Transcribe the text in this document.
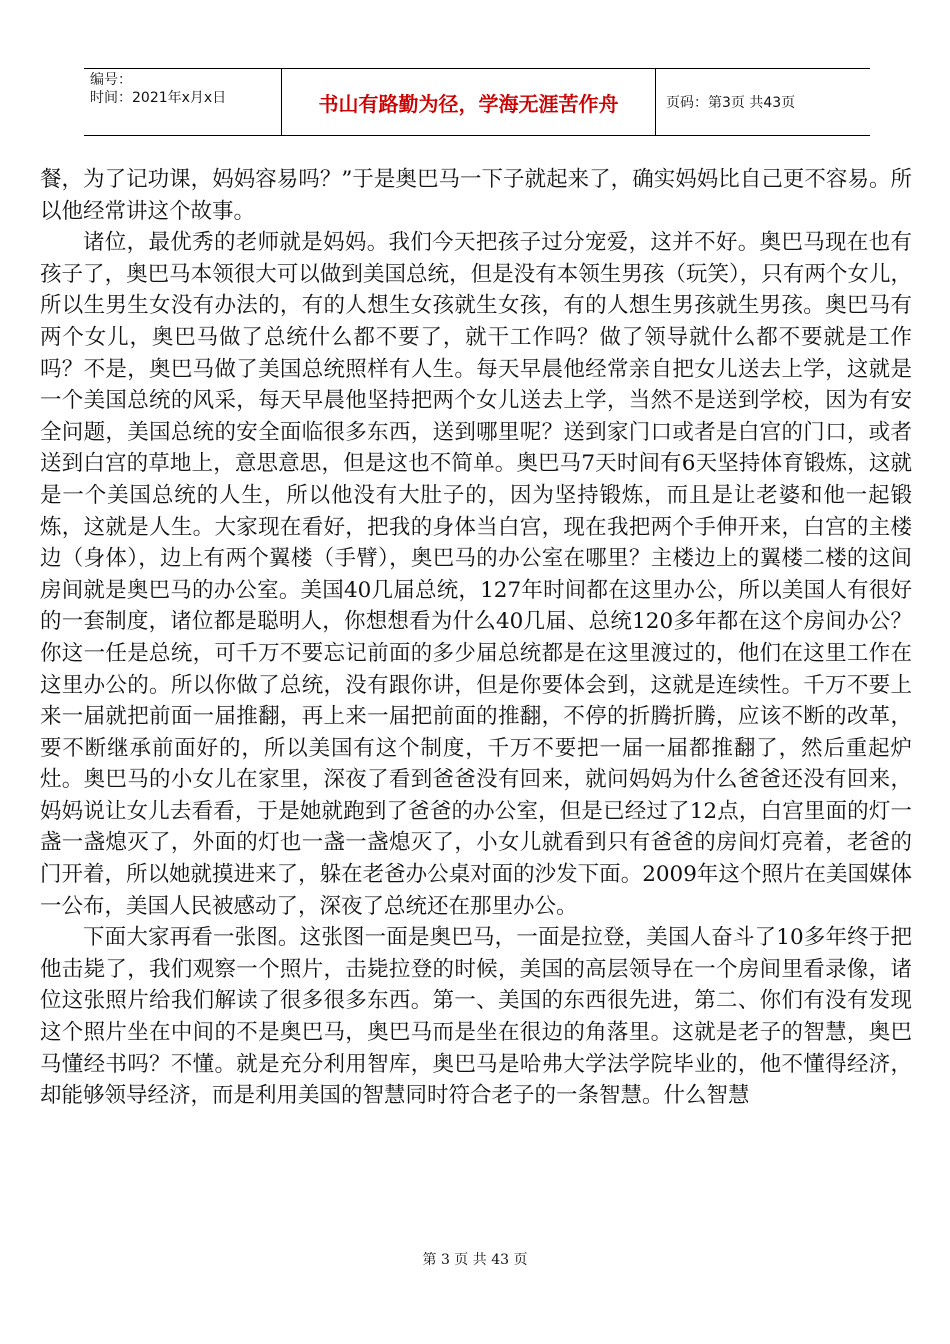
编号：
时间：2021年x月x日	书山有路勤为径，学海无涯苦作舟	页码：第3页 共43页

餐，为了记功课，妈妈容易吗？”于是奥巴马一下子就起来了，确实妈妈比自己更不容易。所以他经常讲这个故事。

诸位，最优秀的老师就是妈妈。我们今天把孩子过分宠爱，这并不好。奥巴马现在也有孩子了，奥巴马本领很大可以做到美国总统，但是没有本领生男孩（玩笑），只有两个女儿，所以生男生女没有办法的，有的人想生女孩就生女孩，有的人想生男孩就生男孩。奥巴马有两个女儿，奥巴马做了总统什么都不要了，就干工作吗？做了领导就什么都不要就是工作吗？不是，奥巴马做了美国总统照样有人生。每天早晨他经常亲自把女儿送去上学，这就是一个美国总统的风采，每天早晨他坚持把两个女儿送去上学，当然不是送到学校，因为有安全问题，美国总统的安全面临很多东西，送到哪里呢？送到家门口或者是白宫的门口，或者送到白宫的草地上，意思意思，但是这也不简单。奥巴马7天时间有6天坚持体育锻炼，这就是一个美国总统的人生，所以他没有大肚子的，因为坚持锻炼，而且是让老婆和他一起锻炼，这就是人生。大家现在看好，把我的身体当白宫，现在我把两个手伸开来，白宫的主楼边（身体），边上有两个翼楼（手臂），奥巴马的办公室在哪里？主楼边上的翼楼二楼的这间房间就是奥巴马的办公室。美国40几届总统，127年时间都在这里办公，所以美国人有很好的一套制度，诸位都是聪明人，你想想看为什么40几届、总统120多年都在这个房间办公？你这一任是总统，可千万不要忘记前面的多少届总统都是在这里渡过的，他们在这里工作在这里办公的。所以你做了总统，没有跟你讲，但是你要体会到，这就是连续性。千万不要上来一届就把前面一届推翻，再上来一届把前面的推翻，不停的折腾折腾，应该不断的改革，要不断继承前面好的，所以美国有这个制度，千万不要把一届一届都推翻了，然后重起炉灶。奥巴马的小女儿在家里，深夜了看到爸爸没有回来，就问妈妈为什么爸爸还没有回来，妈妈说让女儿去看看，于是她就跑到了爸爸的办公室，但是已经过了12点，白宫里面的灯一盏一盏熄灭了，外面的灯也一盏一盏熄灭了，小女儿就看到只有爸爸的房间灯亮着，老爸的门开着，所以她就摸进来了，躲在老爸办公桌对面的沙发下面。2009年这个照片在美国媒体一公布，美国人民被感动了，深夜了总统还在那里办公。

下面大家再看一张图。这张图一面是奥巴马，一面是拉登，美国人奋斗了10多年终于把他击毙了，我们观察一个照片，击毙拉登的时候，美国的高层领导在一个房间里看录像，诸位这张照片给我们解读了很多很多东西。第一、美国的东西很先进，第二、你们有没有发现这个照片坐在中间的不是奥巴马，奥巴马而是坐在很边的角落里。这就是老子的智慧，奥巴马懂经书吗？不懂。就是充分利用智库，奥巴马是哈弗大学法学院毕业的，他不懂得经济，却能够领导经济，而是利用美国的智慧同时符合老子的一条智慧。什么智慧

第 3 页 共 43 页
